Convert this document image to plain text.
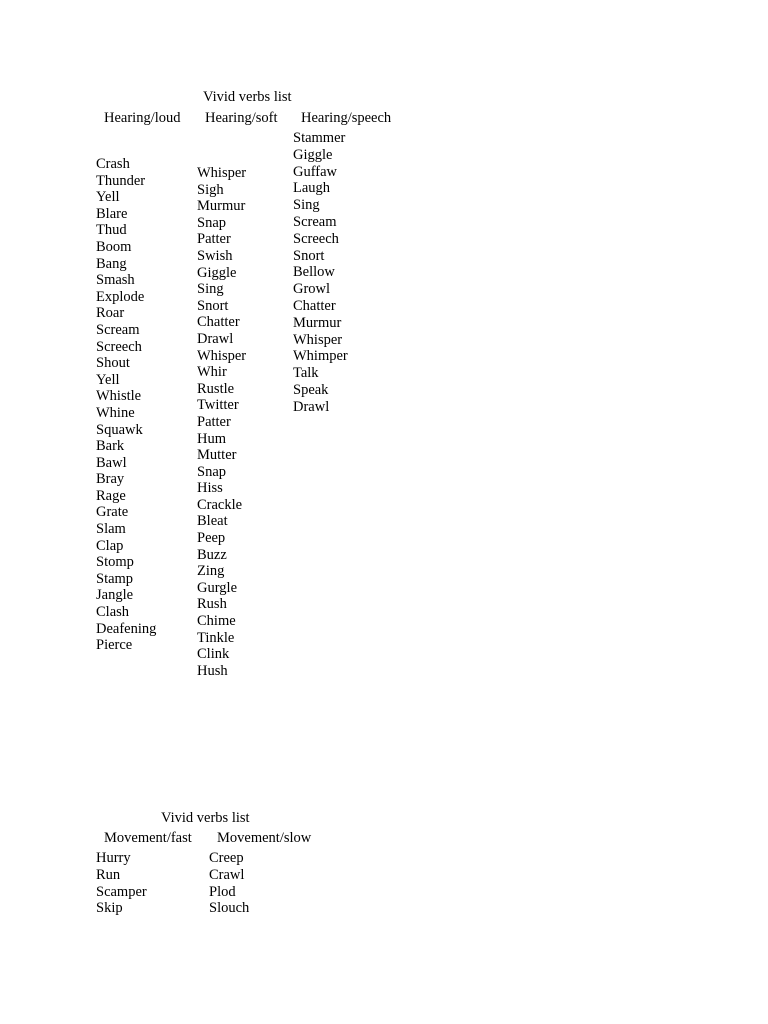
Vivid verbs list
Hearing/loud Hearing/soft Hearing/speech
Crash
Thunder
Yell
Blare
Thud
Boom
Bang
Smash
Explode
Roar
Scream
Screech
Shout
Yell
Whistle
Whine
Squawk
Bark
Bawl
Bray
Rage
Grate
Slam
Clap
Stomp
Stamp
Jangle
Clash
Deafening
Pierce
Whisper
Sigh
Murmur
Snap
Patter
Swish
Giggle
Sing
Snort
Chatter
Drawl
Whisper
Whir
Rustle
Twitter
Patter
Hum
Mutter
Snap
Hiss
Crackle
Bleat
Peep
Buzz
Zing
Gurgle
Rush
Chime
Tinkle
Clink
Hush
Stammer
Giggle
Guffaw
Laugh
Sing
Scream
Screech
Snort
Bellow
Growl
Chatter
Murmur
Whisper
Whimper
Talk
Speak
Drawl
Vivid verbs list
Movement/fast Movement/slow
Hurry
Run
Scamper
Skip
Creep
Crawl
Plod
Slouch
